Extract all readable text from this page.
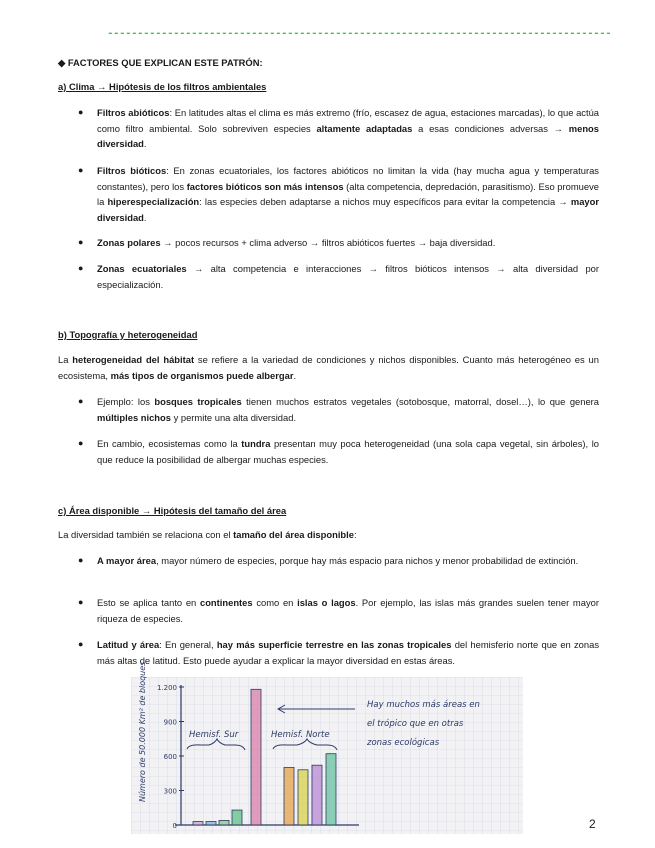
------------------------------------------------------------------------------------
◆ FACTORES QUE EXPLICAN ESTE PATRÓN:
a) Clima → Hipótesis de los filtros ambientales
● Filtros abióticos: En latitudes altas el clima es más extremo (frío, escasez de agua, estaciones marcadas), lo que actúa como filtro ambiental. Solo sobreviven especies altamente adaptadas a esas condiciones adversas → menos diversidad.
● Filtros bióticos: En zonas ecuatoriales, los factores abióticos no limitan la vida (hay mucha agua y temperaturas constantes), pero los factores bióticos son más intensos (alta competencia, depredación, parasitismo). Eso promueve la hiperespecialización: las especies deben adaptarse a nichos muy específicos para evitar la competencia → mayor diversidad.
● Zonas polares → pocos recursos + clima adverso → filtros abióticos fuertes → baja diversidad.
● Zonas ecuatoriales → alta competencia e interacciones → filtros bióticos intensos → alta diversidad por especialización.
b) Topografía y heterogeneidad
La heterogeneidad del hábitat se refiere a la variedad de condiciones y nichos disponibles. Cuanto más heterogéneo es un ecosistema, más tipos de organismos puede albergar.
● Ejemplo: los bosques tropicales tienen muchos estratos vegetales (sotobosque, matorral, dosel…), lo que genera múltiples nichos y permite una alta diversidad.
● En cambio, ecosistemas como la tundra presentan muy poca heterogeneidad (una sola capa vegetal, sin árboles), lo que reduce la posibilidad de albergar muchas especies.
c) Área disponible → Hipótesis del tamaño del área
La diversidad también se relaciona con el tamaño del área disponible:
● A mayor área, mayor número de especies, porque hay más espacio para nichos y menor probabilidad de extinción.
● Esto se aplica tanto en continentes como en islas o lagos. Por ejemplo, las islas más grandes suelen tener mayor riqueza de especies.
● Latitud y área: En general, hay más superficie terrestre en las zonas tropicales del hemisferio norte que en zonas más altas de latitud. Esto puede ayudar a explicar la mayor diversidad en estas áreas.
1.200
900
600
300
0
Número de 50.000 Km² de bloques	Hemisf. Sur	Hemisf. Norte
Hay muchos más áreas en
el trópico que en otras
zonas ecológicas
2
